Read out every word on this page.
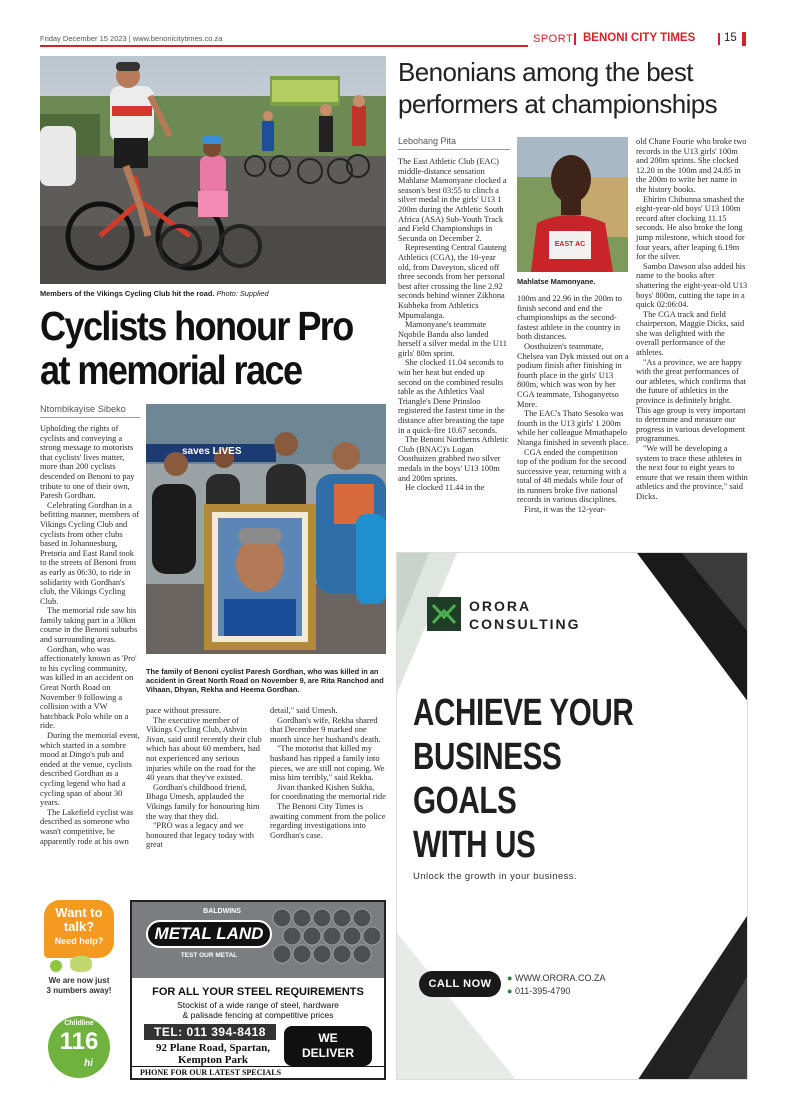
Friday December 15 2023 | www.benonicitytimes.co.za	SPORT BENONI CITY TIMES	15
Members of the Vikings Cycling Club hit the road. Photo: Supplied
Cyclists honour Pro
at memorial race
Ntombikayise Sibeko

Upholding the rights of cyclists and conveying a strong message to motorists that cyclists' lives matter, more than 200 cyclists descended on Benoni to pay tribute to one of their own, Paresh Gordhan.

Celebrating Gordhan in a befitting manner, members of Vikings Cycling Club and cyclists from other clubs based in Johannesburg, Pretoria and East Rand took to the streets of Benoni from as early as 06:30, to ride in solidarity with Gordhan's club, the Vikings Cycling Club.

The memorial ride saw his family taking part in a 30km course in the Benoni suburbs and surrounding areas.

Gordhan, who was affectionately known as 'Pro' to his cycling community, was killed in an accident on Great North Road on November 9 following a collision with a VW hatchback Polo while on a ride.

During the memorial event, which started in a sombre mood at Dingo's pub and ended at the venue, cyclists described Gordhan as a cycling legend who had a cycling span of about 30 years.

The Lakefield cyclist was described as someone who wasn't competitive, he apparently rode at his own

saves LIVES
The family of Benoni cyclist Paresh Gordhan, who was killed in an accident in Great North Road on November 9, are Rita Ranchod and Vihaan, Dhyan, Rekha and Heema Gordhan.

pace without pressure.

The executive member of Vikings Cycling Club, Ashvin Jivan, said until recently their club which has about 60 members, had not experienced any serious injuries while on the road for the 40 years that they've existed.

Gordhan's childhood friend, Bhaga Umesh, applauded the Vikings family for honouring him the way that they did.

"PRO was a legacy and we honoured that legacy today with great

detail," said Umesh.

Gordhan's wife, Rekha shared that December 9 marked one month since her husband's death.

"The motorist that killed my husband has ripped a family into pieces, we are still not coping. We miss him terribly," said Rekha.

Jivan thanked Kishen Sukha, for coordinating the memorial ride

The Benoni City Times is awaiting comment from the police regarding investigations into Gordhan's case.

Benonians among the best
performers at championships
Lebohang Pita

The East Athletic Club (EAC) middle-distance sensation Mahlatse Mamonyane clocked a season's best 03:55 to clinch a silver medal in the girls' U13 1 200m during the Athletic South Africa (ASA) Sub-Youth Track and Field Championships in Secunda on December 2.

Representing Central Gauteng Athletics (CGA), the 10-year old, from Daveyton, sliced off three seconds from her personal best after crossing the line 2.92 seconds behind winner Zikhona Kubheka from Athletics Mpumalanga.

Mamonyane's teammate Nqobile Banda also landed herself a silver medal in the U11 girls' 80m sprint.

She clocked 11.04 seconds to win her heat but ended up second on the combined results table as the Athletics Vaal Triangle's Dene Prinsloo registered the fastest time in the distance after breasting the tape in a quick-fire 10.67 seconds.

The Benoni Northerns Athletic Club (BNAC)'s Logan Oosthuizen grabbed two silver medals in the boys' U13 100m and 200m sprints.

He clocked 11.44 in the

EAST AC
Mahlatse Mamonyane.

100m and 22.96 in the 200m to finish second and end the championships as the second-fastest athlete in the country in both distances.

Oosthuizen's teammate, Chelsea van Dyk missed out on a podium finish after finishing in fourth place in the girls' U13 800m, which was won by her CGA teammate, Tshoganyetso More.

The EAC's Thato Sesoko was fourth in the U13 girls' 1 200m while her colleague Mmathapelo Ntanga finished in seventh place.

CGA ended the competition top of the podium for the second successive year, returning with a total of 48 medals while four of its runners broke five national records in various disciplines.

First, it was the 12-year-

old Chane Fourie who broke two records in the U13 girls' 100m and 200m sprints. She clocked 12.20 in the 100m and 24.85 in the 200m to write her name in the history books.

Ehirim Chibunna smashed the eight-year-old boys' U13 100m record after clocking 11.15 seconds. He also broke the long jump milestone, which stood for four years, after leaping 6.19m for the silver.

Sambo Dawson also added his name to the books after shattering the eight-year-old U13 boys' 800m, cutting the tape in a quick 02:06:04.

The CGA track and field chairperson, Maggie Dicks, said she was delighted with the overall performance of the athletes.

"As a province, we are happy with the great performances of our athletes, which confirms that the future of athletics in the province is definitely bright. This age group is very important to determine and measure our progress in various development programmes.

"We will be developing a system to trace these athletes in the next four to eight years to ensure that we retain them within athletics and the province," said Dicks.

ORORA
CONSULTING
ACHIEVE YOUR
BUSINESS GOALS
WITH US
Unlock the growth in your business.
CALL NOW	● WWW.ORORA.CO.ZA
● 011-395-4790
Want to
talk?
Need help?
We are now just
3 numbers away!
Childline
116
hi
BALDWINS
METAL LAND
TEST OUR METAL
FOR ALL YOUR STEEL REQUIREMENTS
Stockist of a wide range of steel, hardware
& palisade fencing at competitive prices
TEL: 011 394-8418
92 Plane Road, Spartan,
Kempton Park
WE
DELIVER
PHONE FOR OUR LATEST SPECIALS
